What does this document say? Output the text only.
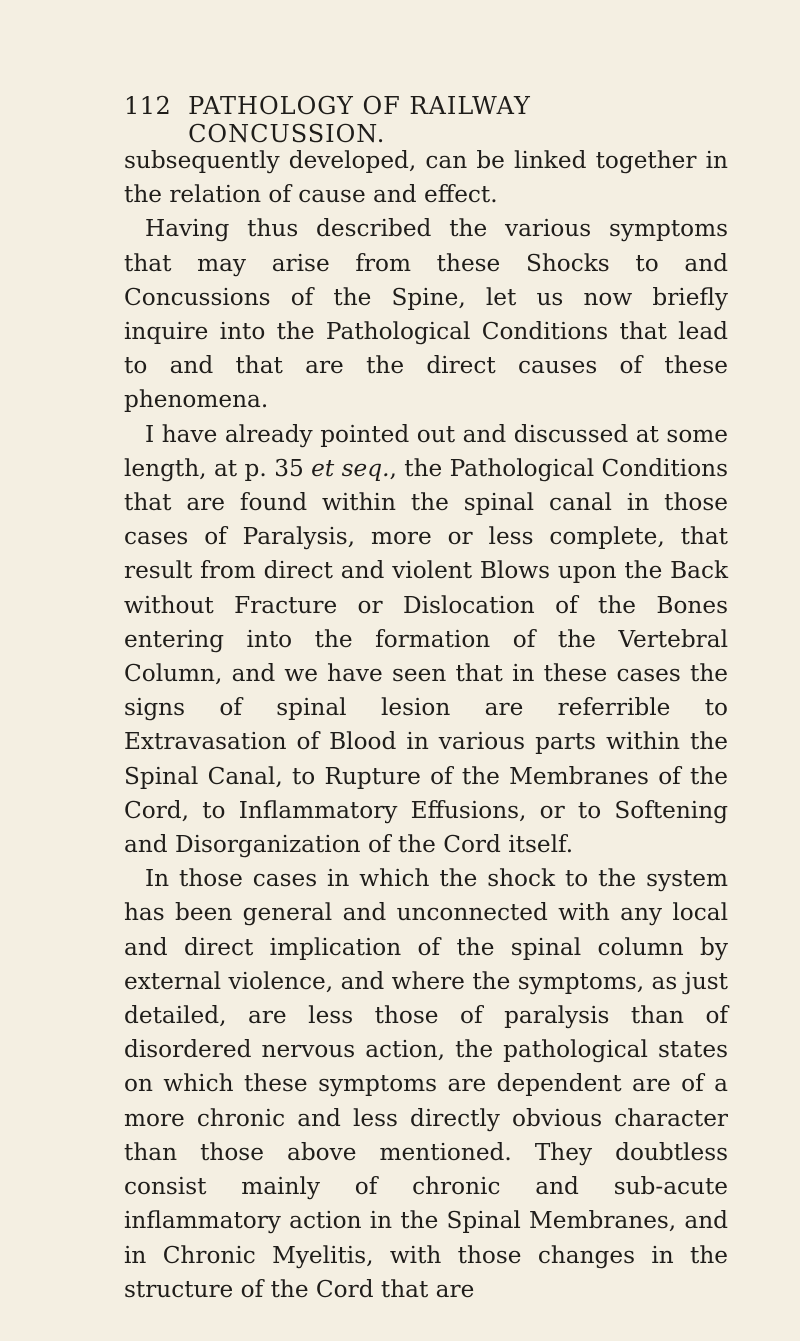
112 PATHOLOGY OF RAILWAY CONCUSSION.

subsequently developed, can be linked together in the relation of cause and effect.

Having thus described the various symptoms that may arise from these Shocks to and Concussions of the Spine, let us now briefly inquire into the Pathological Conditions that lead to and that are the direct causes of these phenomena.

I have already pointed out and discussed at some length, at p. 35 et seq., the Pathological Conditions that are found within the spinal canal in those cases of Paralysis, more or less complete, that result from direct and violent Blows upon the Back without Fracture or Dislocation of the Bones entering into the formation of the Vertebral Column, and we have seen that in these cases the signs of spinal lesion are referrible to Extravasation of Blood in various parts within the Spinal Canal, to Rupture of the Membranes of the Cord, to Inflammatory Effusions, or to Softening and Disorganization of the Cord itself.

In those cases in which the shock to the system has been general and unconnected with any local and direct implication of the spinal column by external violence, and where the symptoms, as just detailed, are less those of paralysis than of disordered nervous action, the pathological states on which these symptoms are dependent are of a more chronic and less directly obvious character than those above mentioned. They doubtless consist mainly of chronic and sub-acute inflammatory action in the Spinal Membranes, and in Chronic Myelitis, with those changes in the structure of the Cord that are
